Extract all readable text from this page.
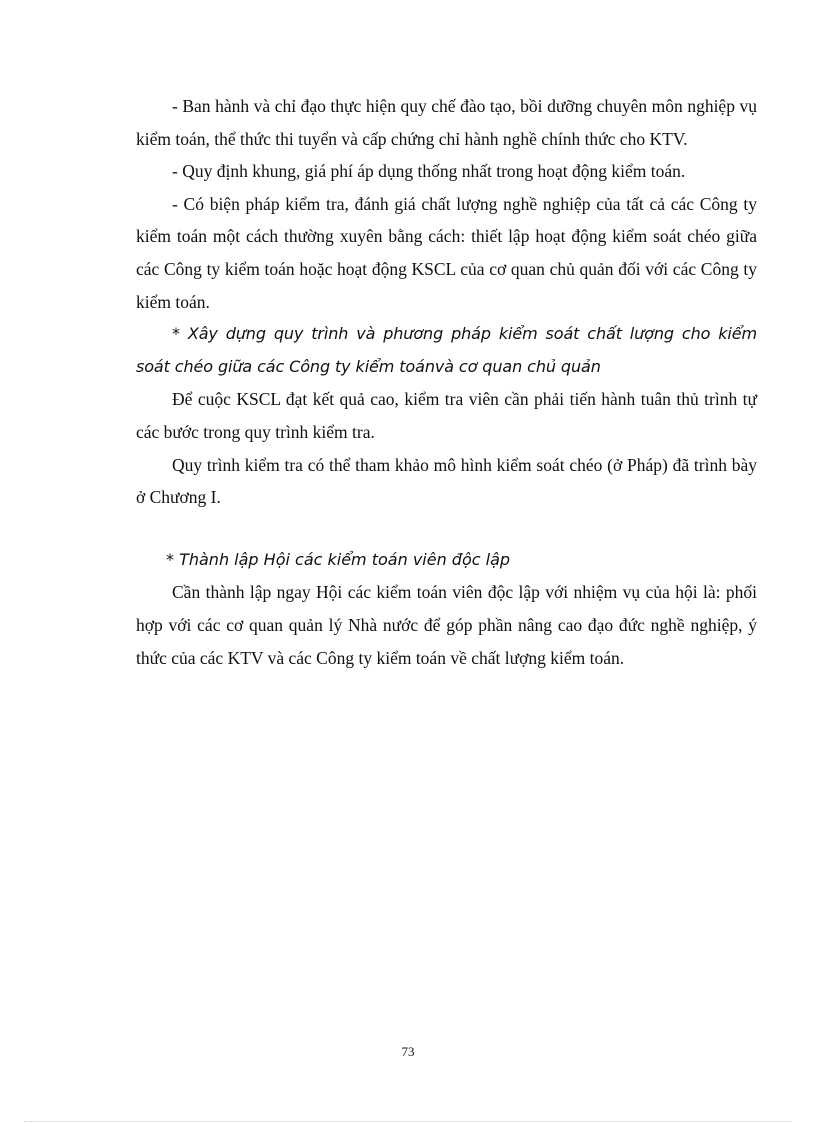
- Ban hành và chỉ đạo thực hiện quy chế đào tạo, bồi dưỡng chuyên môn nghiệp vụ kiểm toán, thể thức thi tuyển và cấp chứng chỉ hành nghề chính thức cho KTV.

- Quy định khung, giá phí áp dụng thống nhất trong hoạt động kiểm toán.

- Có biện pháp kiểm tra, đánh giá chất lượng nghề nghiệp của tất cả các Công ty kiểm toán một cách thường xuyên bằng cách: thiết lập hoạt động kiểm soát chéo giữa các Công ty kiểm toán hoặc hoạt động KSCL của cơ quan chủ quản đối với các Công ty kiểm toán.

* Xây dựng quy trình và phương pháp kiểm soát chất lượng cho kiểm soát chéo giữa các Công ty kiểm toánvà cơ quan chủ quản

Để cuộc KSCL đạt kết quả cao, kiểm tra viên cần phải tiến hành tuân thủ trình tự các bước trong quy trình kiểm tra.

Quy trình kiểm tra có thể tham khảo mô hình kiểm soát chéo (ở Pháp) đã trình bày ở Chương I.

* Thành lập Hội các kiểm toán viên độc lập

Cần thành lập ngay Hội các kiểm toán viên độc lập với nhiệm vụ của hội là: phối hợp với các cơ quan quản lý Nhà nước để góp phần nâng cao đạo đức nghề nghiệp, ý thức của các KTV và các Công ty kiểm toán về chất lượng kiểm toán.

73
